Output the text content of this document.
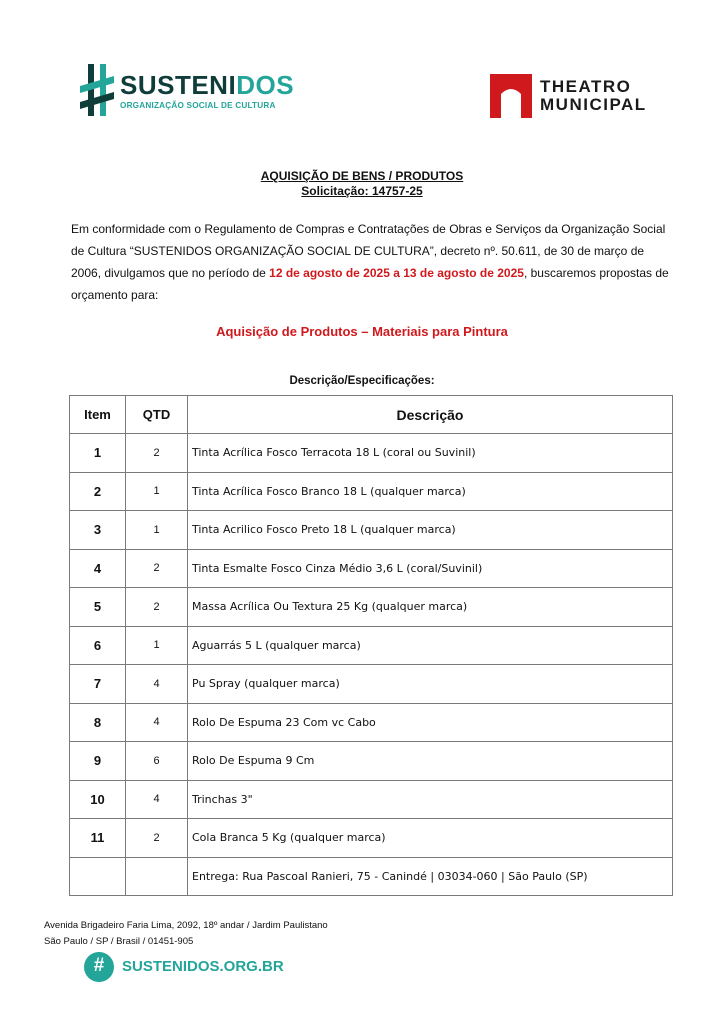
SUSTENIDOS
ORGANIZAÇÃO SOCIAL DE CULTURA
THEATRO
MUNICIPAL
AQUISIÇÃO DE BENS / PRODUTOS
Solicitação: 14757-25
Em conformidade com o Regulamento de Compras e Contratações de Obras e Serviços da Organização Social de Cultura “SUSTENIDOS ORGANIZAÇÃO SOCIAL DE CULTURA”, decreto nº. 50.611, de 30 de março de 2006, divulgamos que no período de 12 de agosto de 2025 a 13 de agosto de 2025, buscaremos propostas de orçamento para:
Aquisição de Produtos – Materiais para Pintura
Descrição/Especificações:
Item	QTD	Descrição
1	2	Tinta Acrílica Fosco Terracota 18 L (coral ou Suvinil)
2	1	Tinta Acrílica Fosco Branco 18 L (qualquer marca)
3	1	Tinta Acrilico Fosco Preto 18 L (qualquer marca)
4	2	Tinta Esmalte Fosco Cinza Médio 3,6 L (coral/Suvinil)
5	2	Massa Acrílica Ou Textura 25 Kg (qualquer marca)
6	1	Aguarrás 5 L (qualquer marca)
7	4	Pu Spray (qualquer marca)
8	4	Rolo De Espuma 23 Com vc Cabo
9	6	Rolo De Espuma 9 Cm
10	4	Trinchas 3"
11	2	Cola Branca 5 Kg (qualquer marca)
		Entrega: Rua Pascoal Ranieri, 75 - Canindé | 03034-060 | São Paulo (SP)
Avenida Brigadeiro Faria Lima, 2092, 18º andar / Jardim Paulistano
São Paulo / SP / Brasil / 01451-905
#	SUSTENIDOS.ORG.BR
